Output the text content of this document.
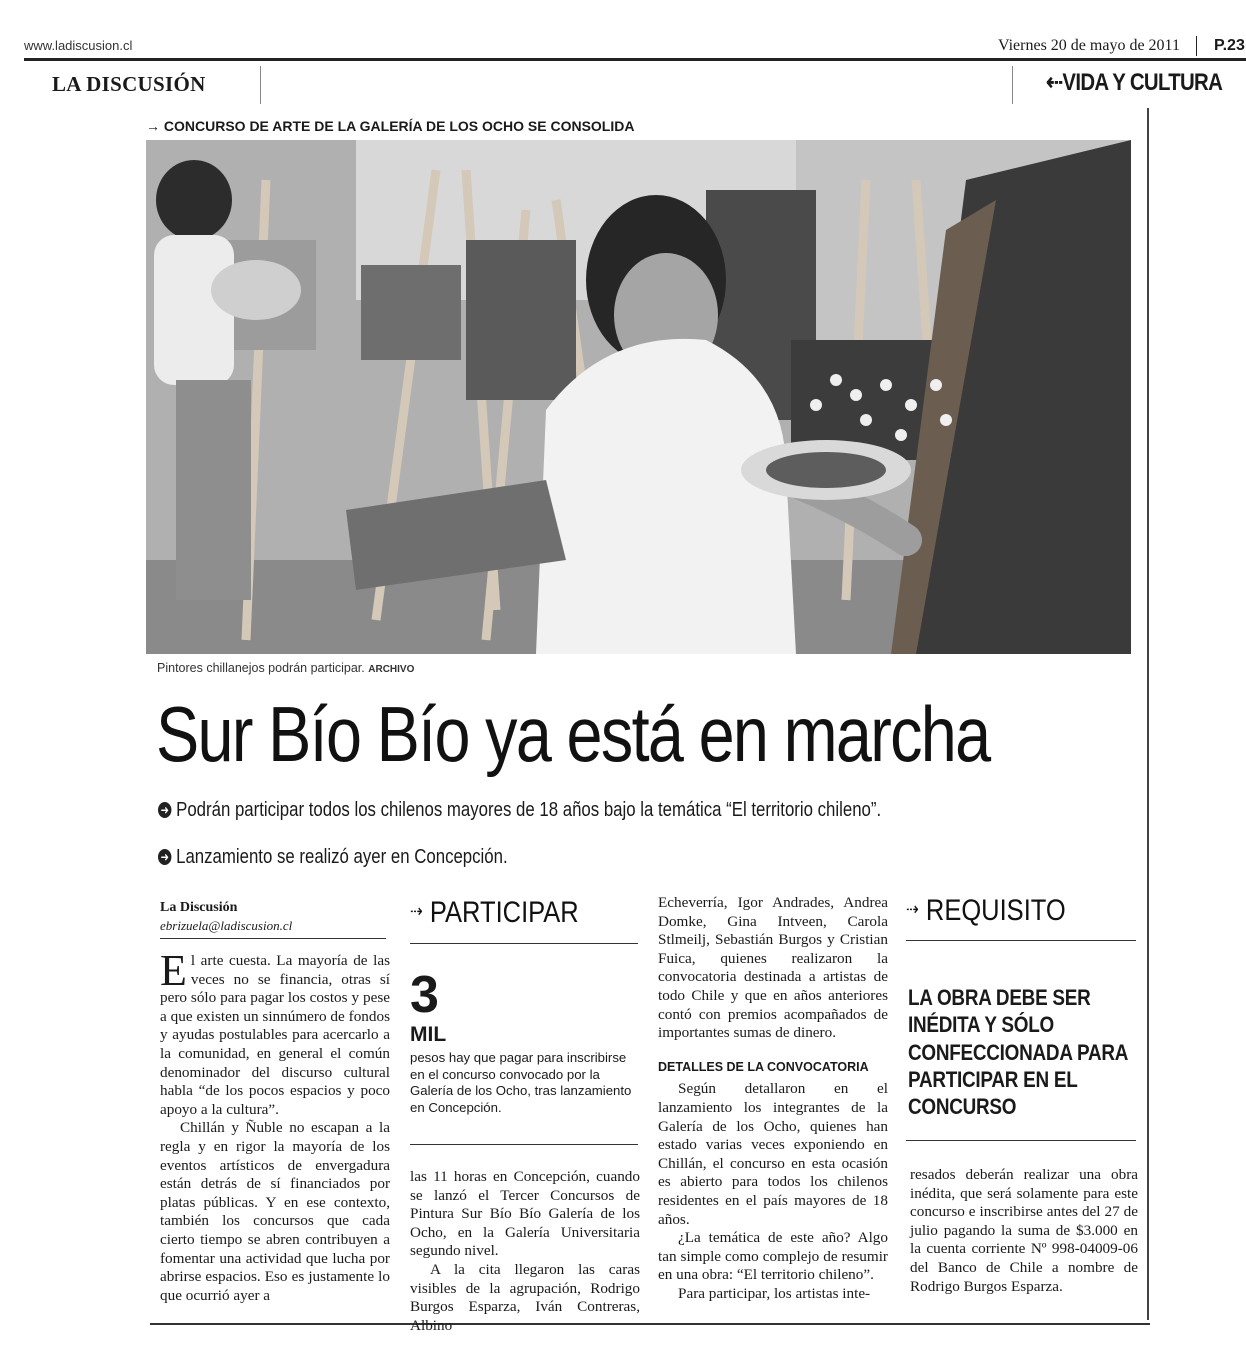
www.ladiscusion.cl	Viernes 20 de mayo de 2011 P.23
LA DISCUSIÓN	⇠VIDA Y CULTURA
→ CONCURSO DE ARTE DE LA GALERÍA DE LOS OCHO SE CONSOLIDA
Pintores chillanejos podrán participar. ARCHIVO
Sur Bío Bío ya está en marcha
➜ Podrán participar todos los chilenos mayores de 18 años bajo la temática “El territorio chileno”.
➜ Lanzamiento se realizó ayer en Concepción.
La Discusión
ebrizuela@ladiscusion.cl

El arte cuesta. La mayoría de las veces no se financia, otras sí pero sólo para pagar los costos y pese a que existen un sinnúmero de fondos y ayudas postulables para acercarlo a la comunidad, en general el común denominador del discurso cultural habla “de los pocos espacios y poco apoyo a la cultura”.

Chillán y Ñuble no escapan a la regla y en rigor la mayoría de los eventos artísticos de envergadura están detrás de sí financiados por platas públicas. Y en ese contexto, también los concursos que cada cierto tiempo se abren contribuyen a fomentar una actividad que lucha por abrirse espacios. Eso es justamente lo que ocurrió ayer a

⇢ PARTICIPAR
3
MIL
pesos hay que pagar para inscribirse en el concurso convocado por la Galería de los Ocho, tras lanzamiento en Concepción.

las 11 horas en Concepción, cuando se lanzó el Tercer Concursos de Pintura Sur Bío Bío Galería de los Ocho, en la Galería Universitaria segundo nivel.

A la cita llegaron las caras visibles de la agrupación, Rodrigo Burgos Esparza, Iván Contreras, Albino

Echeverría, Igor Andrades, Andrea Domke, Gina Intveen, Carola Stlmeilj, Sebastián Burgos y Cristian Fuica, quienes realizaron la convocatoria destinada a artistas de todo Chile y que en años anteriores contó con premios acompañados de importantes sumas de dinero.

DETALLES DE LA CONVOCATORIA

Según detallaron en el lanzamiento los integrantes de la Galería de los Ocho, quienes han estado varias veces exponiendo en Chillán, el concurso en esta ocasión es abierto para todos los chilenos residentes en el país mayores de 18 años.

¿La temática de este año? Algo tan simple como complejo de resumir en una obra: “El territorio chileno”.

Para participar, los artistas inte-

⇢ REQUISITO
LA OBRA DEBE SER INÉDITA Y SÓLO CONFECCIONADA PARA PARTICIPAR EN EL CONCURSO

resados deberán realizar una obra inédita, que será solamente para este concurso e inscribirse antes del 27 de julio pagando la suma de $3.000 en la cuenta corriente Nº 998-04009-06 del Banco de Chile a nombre de Rodrigo Burgos Esparza.
